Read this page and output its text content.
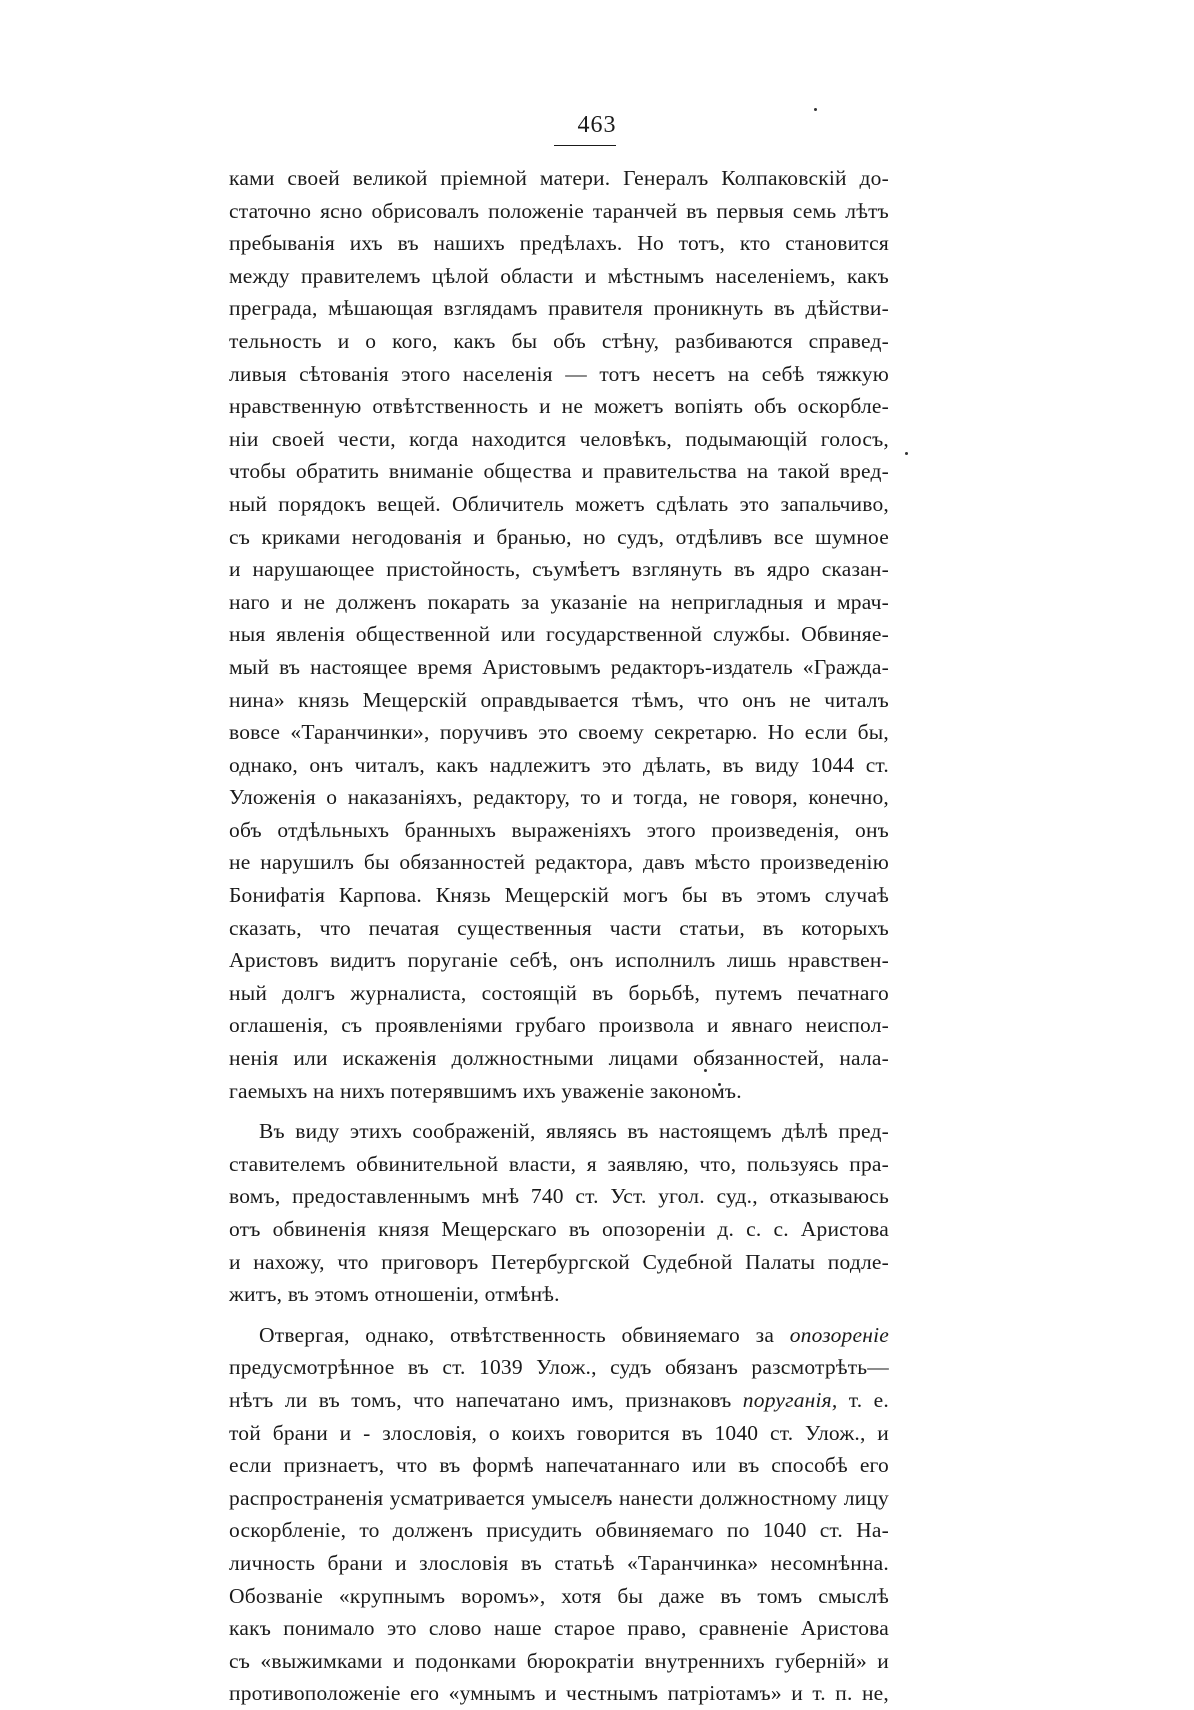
463
ками своей великой пріемной матери. Генералъ Колпаковскій до-
статочно ясно обрисовалъ положеніе таранчей въ первыя семь лѣтъ
пребыванія ихъ въ нашихъ предѣлахъ. Но тотъ, кто становится
между правителемъ цѣлой области и мѣстнымъ населеніемъ, какъ
преграда, мѣшающая взглядамъ правителя проникнуть въ дѣйстви-
тельность и о кого, какъ бы объ стѣну, разбиваются справед-
ливыя сѣтованія этого населенія — тотъ несетъ на себѣ тяжкую
нравственную отвѣтственность и не можетъ вопіять объ оскорбле-
ніи своей чести, когда находится человѣкъ, подымающій голосъ,
чтобы обратить вниманіе общества и правительства на такой вред-
ный порядокъ вещей. Обличитель можетъ сдѣлать это запальчиво,
съ криками негодованія и бранью, но судъ, отдѣливъ все шумное
и нарушающее пристойность, съумѣетъ взглянуть въ ядро сказан-
наго и не долженъ покарать за указаніе на непригладныя и мрач-
ныя явленія общественной или государственной службы. Обвиняе-
мый въ настоящее время Аристовымъ редакторъ-издатель «Гражда-
нина» князь Мещерскій оправдывается тѣмъ, что онъ не читалъ
вовсе «Таранчинки», поручивъ это своему секретарю. Но если бы,
однако, онъ читалъ, какъ надлежитъ это дѣлать, въ виду 1044 ст.
Уложенія о наказаніяхъ, редактору, то и тогда, не говоря, конечно,
объ отдѣльныхъ бранныхъ выраженіяхъ этого произведенія, онъ
не нарушилъ бы обязанностей редактора, давъ мѣсто произведенію
Бонифатія Карпова. Князь Мещерскій могъ бы въ этомъ случаѣ
сказать, что печатая существенныя части статьи, въ которыхъ
Аристовъ видитъ поруганіе себѣ, онъ исполнилъ лишь нравствен-
ный долгъ журналиста, состоящій въ борьбѣ, путемъ печатнаго
оглашенія, съ проявленіями грубаго произвола и явнаго неиспол-
ненія или искаженія должностными лицами обязанностей, нала-
гаемыхъ на нихъ потерявшимъ ихъ уваженіе закономъ.
Въ виду этихъ соображеній, являясь въ настоящемъ дѣлѣ пред-
ставителемъ обвинительной власти, я заявляю, что, пользуясь пра-
вомъ, предоставленнымъ мнѣ 740 ст. Уст. угол. суд., отказываюсь
отъ обвиненія князя Мещерскаго въ опозореніи д. с. с. Аристова
и нахожу, что приговоръ Петербургской Судебной Палаты подле-
житъ, въ этомъ отношеніи, отмѣнѣ.
Отвергая, однако, отвѣтственность обвиняемаго за опозореніе
предусмотрѣнное въ ст. 1039 Улож., судъ обязанъ разсмотрѣть—
нѣтъ ли въ томъ, что напечатано имъ, признаковъ поруганія, т. е.
той брани и - злословія, о коихъ говорится въ 1040 ст. Улож., и
если признаетъ, что въ формѣ напечатаннаго или въ способѣ его
распространенія усматривается умыселъ нанести должностному лицу
оскорбленіе, то долженъ присудить обвиняемаго по 1040 ст. На-
личность брани и злословія въ статьѣ «Таранчинка» несомнѣнна.
Обозваніе «крупнымъ воромъ», хотя бы даже въ томъ смыслѣ
какъ понимало это слово наше старое право, сравненіе Аристова
съ «выжимками и подонками бюрократіи внутреннихъ губерній» и
противоположеніе его «умнымъ и честнымъ патріотамъ» и т. п. не,
